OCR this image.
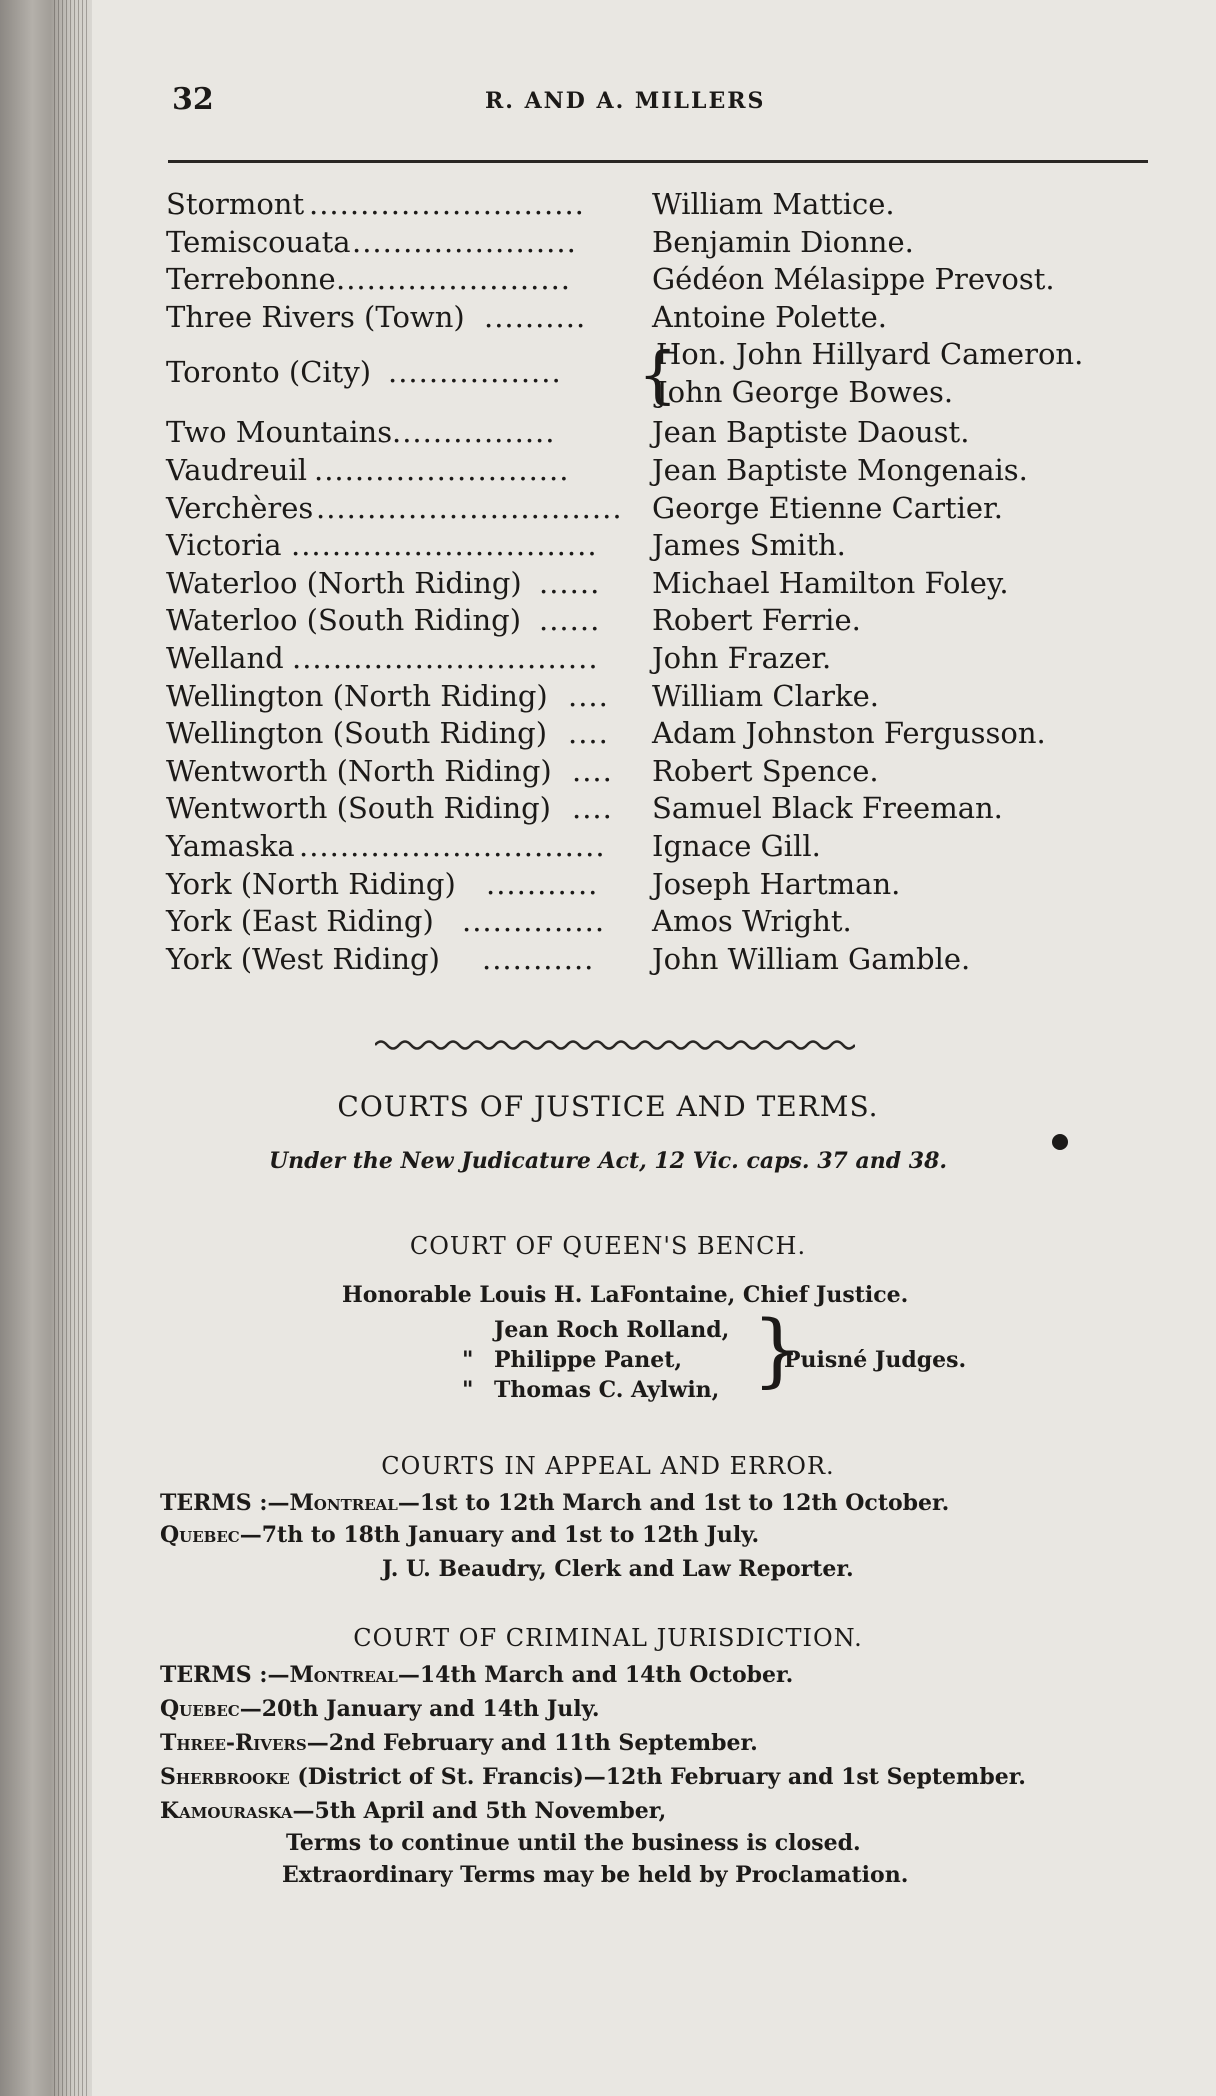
32	R. AND A. MILLERS
Stormont ........................... William Mattice.
Temiscouata ......................	Benjamin Dionne.
Terrebonne .......................	Gédéon Mélasippe Prevost.
Three Rivers (Town) .......... Antoine Polette.
Toronto (City) ................. {
Hon. John Hillyard Cameron.
John George Bowes.
Two Mountains ................	Jean Baptiste Daoust.
Vaudreuil .........................	Jean Baptiste Mongenais.
Verchères .............................. George Etienne Cartier.
Victoria .............................. James Smith.
Waterloo (North Riding) ...... Michael Hamilton Foley.
Waterloo (South Riding) ...... Robert Ferrie.
Welland .............................. John Frazer.
Wellington (North Riding) .... William Clarke.
Wellington (South Riding) .... Adam Johnston Fergusson.
Wentworth (North Riding) .... Robert Spence.
Wentworth (South Riding) .... Samuel Black Freeman.
Yamaska .............................. Ignace Gill.
York (North Riding) ........... Joseph Hartman.
York (East Riding) .............. Amos Wright.
York (West Riding) ........... John William Gamble.
COURTS OF JUSTICE AND TERMS.
Under the New Judicature Act, 12 Vic. caps. 37 and 38.
COURT OF QUEEN'S BENCH.
Honorable Louis H. LaFontaine, Chief Justice.
Jean Roch Rolland,
" Philippe Panet,
" Thomas C. Aylwin, }
Puisné Judges.
COURTS IN APPEAL AND ERROR.
TERMS :—Montreal—1st to 12th March and 1st to 12th October.
Quebec—7th to 18th January and 1st to 12th July.
J. U. Beaudry, Clerk and Law Reporter.
COURT OF CRIMINAL JURISDICTION.
TERMS :—Montreal—14th March and 14th October.
Quebec—20th January and 14th July.
Three-Rivers—2nd February and 11th September.
Sherbrooke (District of St. Francis)—12th February and 1st September.
Kamouraska—5th April and 5th November,
Terms to continue until the business is closed.
Extraordinary Terms may be held by Proclamation.
